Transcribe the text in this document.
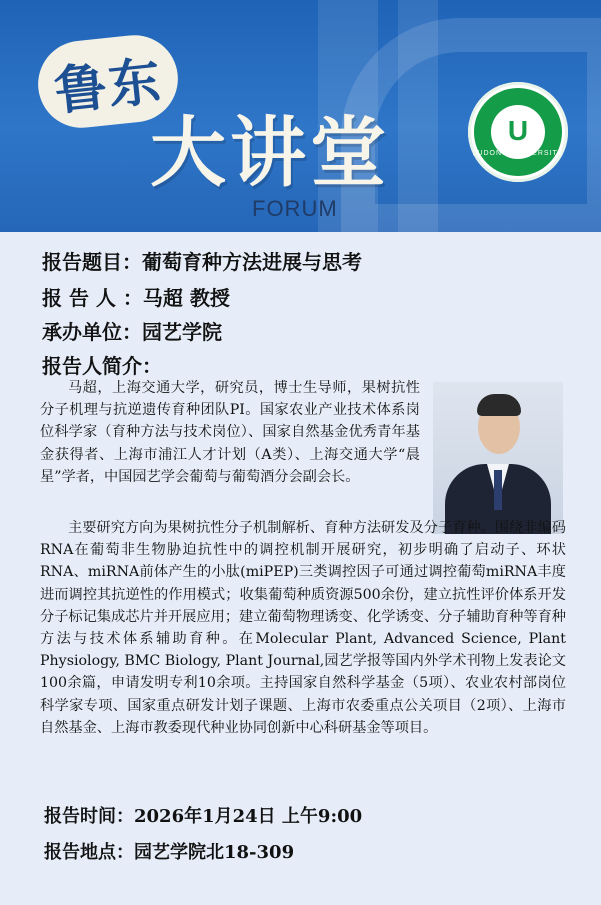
鲁东
大讲堂
FORUM
U
LUDONG UNIVERSITY
报告题目：葡萄育种方法进展与思考
报 告 人 ：马超 教授
承办单位：园艺学院
报告人简介：
马超，上海交通大学，研究员，博士生导师，果树抗性分子机理与抗逆遗传育种团队PI。国家农业产业技术体系岗位科学家（育种方法与技术岗位）、国家自然基金优秀青年基金获得者、上海市浦江人才计划（A类）、上海交通大学“晨星”学者，中国园艺学会葡萄与葡萄酒分会副会长。
主要研究方向为果树抗性分子机制解析、育种方法研发及分子育种。围绕非编码RNA在葡萄非生物胁迫抗性中的调控机制开展研究，初步明确了启动子、环状RNA、miRNA前体产生的小肽(miPEP)三类调控因子可通过调控葡萄miRNA丰度进而调控其抗逆性的作用模式；收集葡萄种质资源500余份，建立抗性评价体系开发分子标记集成芯片并开展应用；建立葡萄物理诱变、化学诱变、分子辅助育种等育种方法与技术体系辅助育种。在Molecular Plant, Advanced Science, Plant Physiology, BMC Biology, Plant Journal,园艺学报等国内外学术刊物上发表论文100余篇，申请发明专利10余项。主持国家自然科学基金（5项）、农业农村部岗位科学家专项、国家重点研发计划子课题、上海市农委重点公关项目（2项）、上海市自然基金、上海市教委现代种业协同创新中心科研基金等项目。
报告时间：2026年1月24日 上午9:00
报告地点：园艺学院北18-309
